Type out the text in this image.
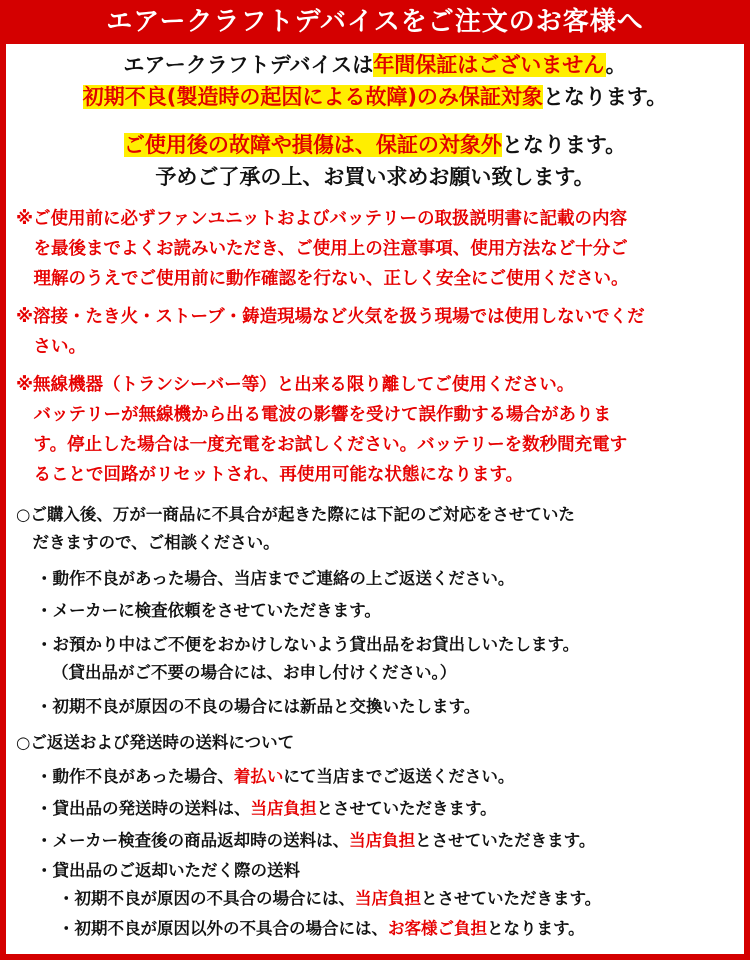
エアークラフトデバイスをご注文のお客様へ
エアークラフトデバイスは年間保証はございません。
初期不良(製造時の起因による故障)のみ保証対象となります。
ご使用後の故障や損傷は、保証の対象外となります。
予めご了承の上、お買い求めお願い致します。
※ご使用前に必ずファンユニットおよびバッテリーの取扱説明書に記載の内容
　を最後までよくお読みいただき、ご使用上の注意事項、使用方法など十分ご
　理解のうえでご使用前に動作確認を行ない、正しく安全にご使用ください。
※溶接・たき火・ストーブ・鋳造現場など火気を扱う現場では使用しないでくだ
　さい。
※無線機器（トランシーバー等）と出来る限り離してご使用ください。
　バッテリーが無線機から出る電波の影響を受けて誤作動する場合がありま
　す。停止した場合は一度充電をお試しください。バッテリーを数秒間充電す
　ることで回路がリセットされ、再使用可能な状態になります。
○ご購入後、万が一商品に不具合が起きた際には下記のご対応をさせていた
　だきますので、ご相談ください。
・動作不良があった場合、当店までご連絡の上ご返送ください。
・メーカーに検査依頼をさせていただきます。
・お預かり中はご不便をおかけしないよう貸出品をお貸出しいたします。
（貸出品がご不要の場合には、お申し付けください。）
・初期不良が原因の不良の場合には新品と交換いたします。
○ご返送および発送時の送料について
・動作不良があった場合、着払いにて当店までご返送ください。
・貸出品の発送時の送料は、当店負担とさせていただきます。
・メーカー検査後の商品返却時の送料は、当店負担とさせていただきます。
・貸出品のご返却いただく際の送料
・初期不良が原因の不具合の場合には、当店負担とさせていただきます。
・初期不良が原因以外の不具合の場合には、お客様ご負担となります。
